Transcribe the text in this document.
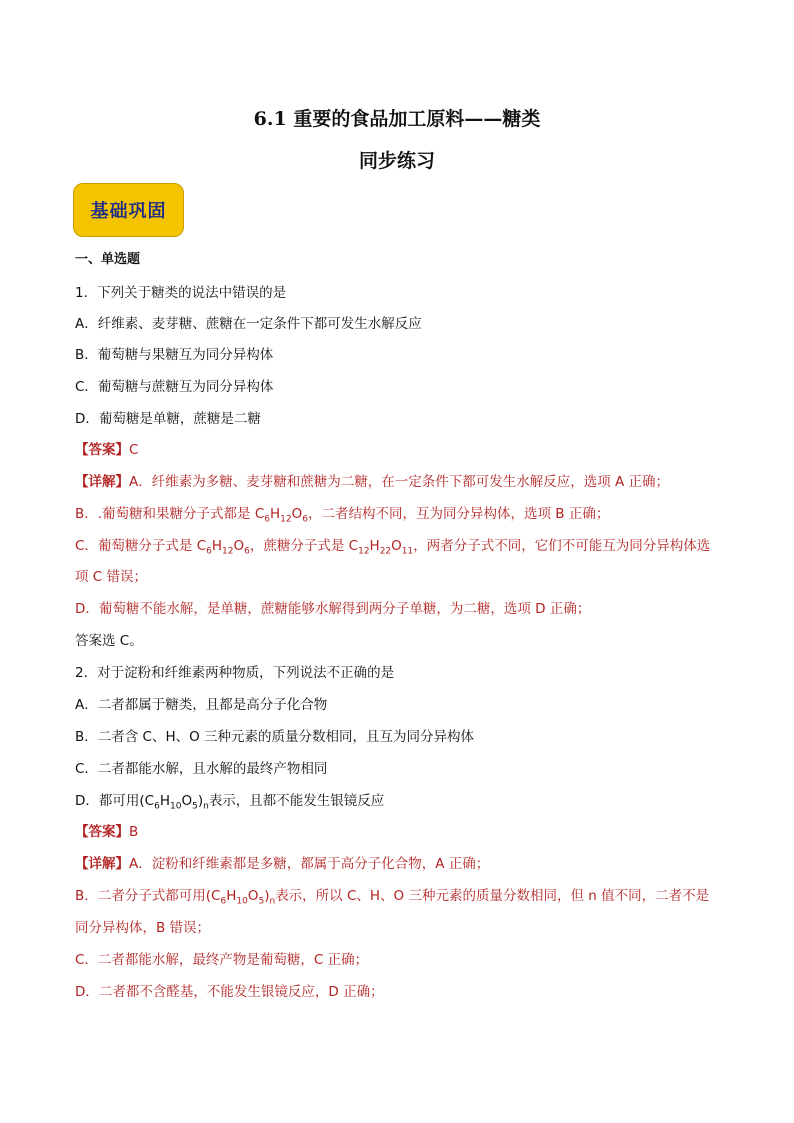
6.1 重要的食品加工原料——糖类
同步练习
基础巩固
一、单选题
1．下列关于糖类的说法中错误的是
A．纤维素、麦芽糖、蔗糖在一定条件下都可发生水解反应
B．葡萄糖与果糖互为同分异构体
C．葡萄糖与蔗糖互为同分异构体
D．葡萄糖是单糖，蔗糖是二糖
【答案】C
【详解】A．纤维素为多糖、麦芽糖和蔗糖为二糖，在一定条件下都可发生水解反应，选项 A 正确；
B．.葡萄糖和果糖分子式都是 $C_6H_{12}O_6$，二者结构不同，互为同分异构体，选项 B 正确；
C．葡萄糖分子式是 $C_6H_{12}O_6$，蔗糖分子式是 $C_{12}H_{22}O_{11}$，两者分子式不同，它们不可能互为同分异构体选
项 C 错误；
D．葡萄糖不能水解，是单糖，蔗糖能够水解得到两分子单糖，为二糖，选项 D 正确；
答案选 C。
2．对于淀粉和纤维素两种物质，下列说法不正确的是
A．二者都属于糖类，且都是高分子化合物
B．二者含 C、H、O 三种元素的质量分数相同，且互为同分异构体
C．二者都能水解，且水解的最终产物相同
D．都可用$(C_6H_{10}O_5)_n$表示，且都不能发生银镜反应
【答案】B
【详解】A．淀粉和纤维素都是多糖，都属于高分子化合物，A 正确；
B．二者分子式都可用$(C_6H_{10}O_5)_n$表示，所以 C、H、O 三种元素的质量分数相同，但 n 值不同，二者不是
同分异构体，B 错误；
C．二者都能水解，最终产物是葡萄糖，C 正确；
D．二者都不含醛基，不能发生银镜反应，D 正确；
